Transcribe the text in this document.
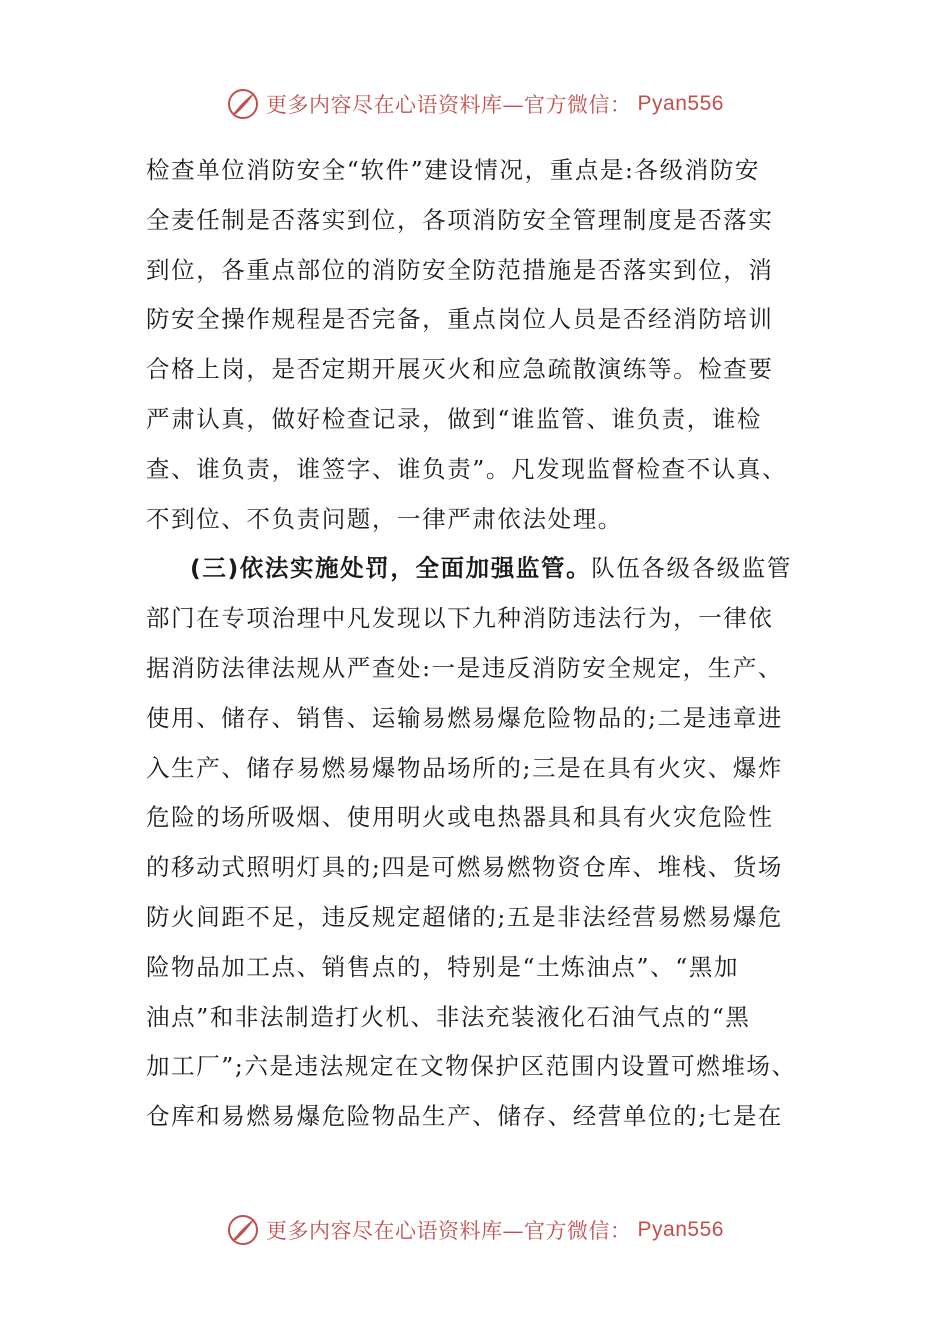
更多内容尽在心语资料库—官方微信： Pyan556
检查单位消防安全“软件”建设情况，重点是:各级消防安
全麦任制是否落实到位，各项消防安全管理制度是否落实
到位，各重点部位的消防安全防范措施是否落实到位，消
防安全操作规程是否完备，重点岗位人员是否经消防培训
合格上岗，是否定期开展灭火和应急疏散演练等。检查要
严肃认真，做好检查记录，做到“谁监管、谁负责，谁检
查、谁负责，谁签字、谁负责”。凡发现监督检查不认真、
不到位、不负责问题，一律严肃依法处理。
(三)依法实施处罚，全面加强监管。队伍各级各级监管
部门在专项治理中凡发现以下九种消防违法行为，一律依
据消防法律法规从严查处:一是违反消防安全规定，生产、
使用、储存、销售、运输易燃易爆危险物品的;二是违章进
入生产、储存易燃易爆物品场所的;三是在具有火灾、爆炸
危险的场所吸烟、使用明火或电热器具和具有火灾危险性
的移动式照明灯具的;四是可燃易燃物资仓库、堆栈、货场
防火间距不足，违反规定超储的;五是非法经营易燃易爆危
险物品加工点、销售点的，特别是“土炼油点”、“黑加
油点”和非法制造打火机、非法充装液化石油气点的“黑
加工厂”;六是违法规定在文物保护区范围内设置可燃堆场、
仓库和易燃易爆危险物品生产、储存、经营单位的;七是在
更多内容尽在心语资料库—官方微信： Pyan556
